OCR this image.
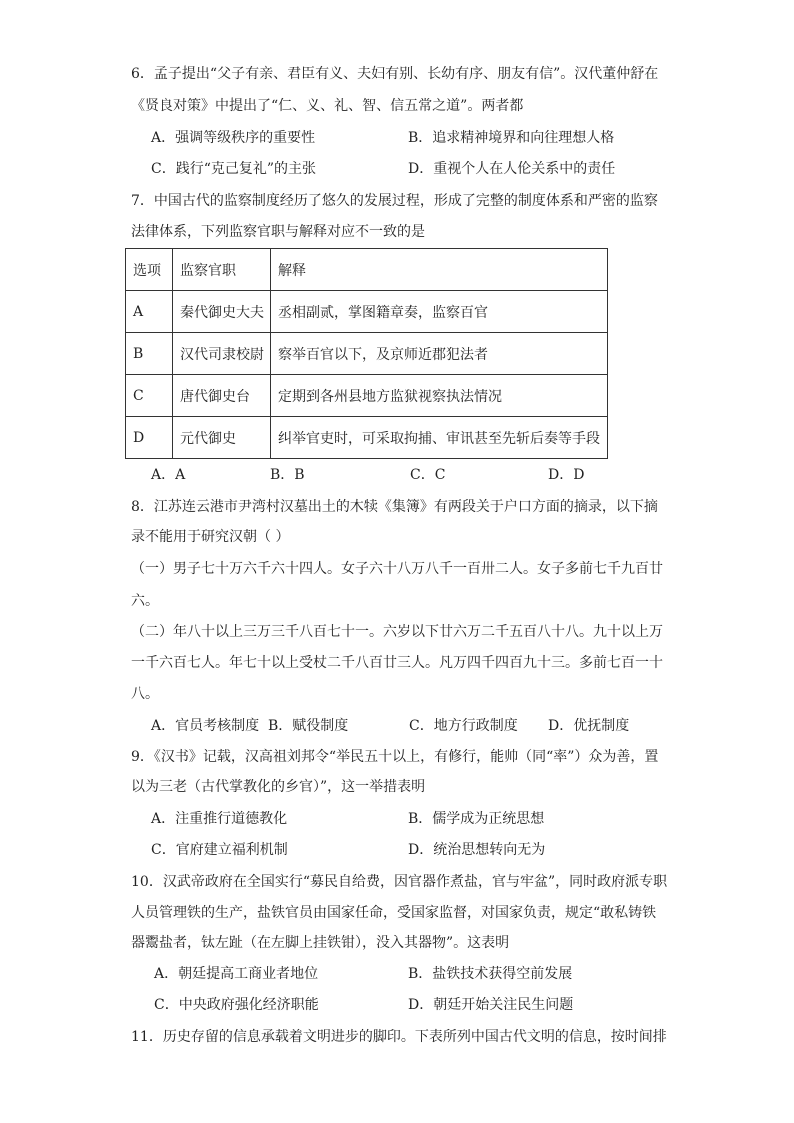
6．孟子提出“父子有亲、君臣有义、夫妇有别、长幼有序、朋友有信”。汉代董仲舒在
《贤良对策》中提出了“仁、义、礼、智、信五常之道”。两者都
A．强调等级秩序的重要性	B．追求精神境界和向往理想人格
C．践行“克己复礼”的主张	D．重视个人在人伦关系中的责任
7．中国古代的监察制度经历了悠久的发展过程，形成了完整的制度体系和严密的监察
法律体系，下列监察官职与解释对应不一致的是
选项	监察官职	解释
A	秦代御史大夫	丞相副贰，掌图籍章奏，监察百官
B	汉代司隶校尉	察举百官以下，及京师近郡犯法者
C	唐代御史台	定期到各州县地方监狱视察执法情况
D	元代御史	纠举官吏时，可采取拘捕、审讯甚至先斩后奏等手段
A．A	B．B	C．C	D．D
8．江苏连云港市尹湾村汉墓出土的木犊《集簿》有两段关于户口方面的摘录，以下摘
录不能用于研究汉朝（ ）
（一）男子七十万六千六十四人。女子六十八万八千一百卅二人。女子多前七千九百廿
六。
（二）年八十以上三万三千八百七十一。六岁以下廿六万二千五百八十八。九十以上万
一千六百七人。年七十以上受杖二千八百廿三人。凡万四千四百九十三。多前七百一十
八。
A．官员考核制度 B．赋役制度	C．地方行政制度 D．优抚制度
9．《汉书》记载，汉高祖刘邦令“举民五十以上，有修行，能帅（同“率”）众为善，置
以为三老（古代掌教化的乡官）”，这一举措表明
A．注重推行道德教化	B．儒学成为正统思想
C．官府建立福利机制	D．统治思想转向无为
10．汉武帝政府在全国实行“募民自给费，因官器作煮盐，官与牢盆”，同时政府派专职
人员管理铁的生产，盐铁官员由国家任命，受国家监督，对国家负责，规定“敢私铸铁
器鬻盐者，钛左趾（在左脚上挂铁钳），没入其器物”。这表明
A．朝廷提高工商业者地位	B．盐铁技术获得空前发展
C．中央政府强化经济职能	D．朝廷开始关注民生问题
11．历史存留的信息承载着文明进步的脚印。下表所列中国古代文明的信息，按时间排
